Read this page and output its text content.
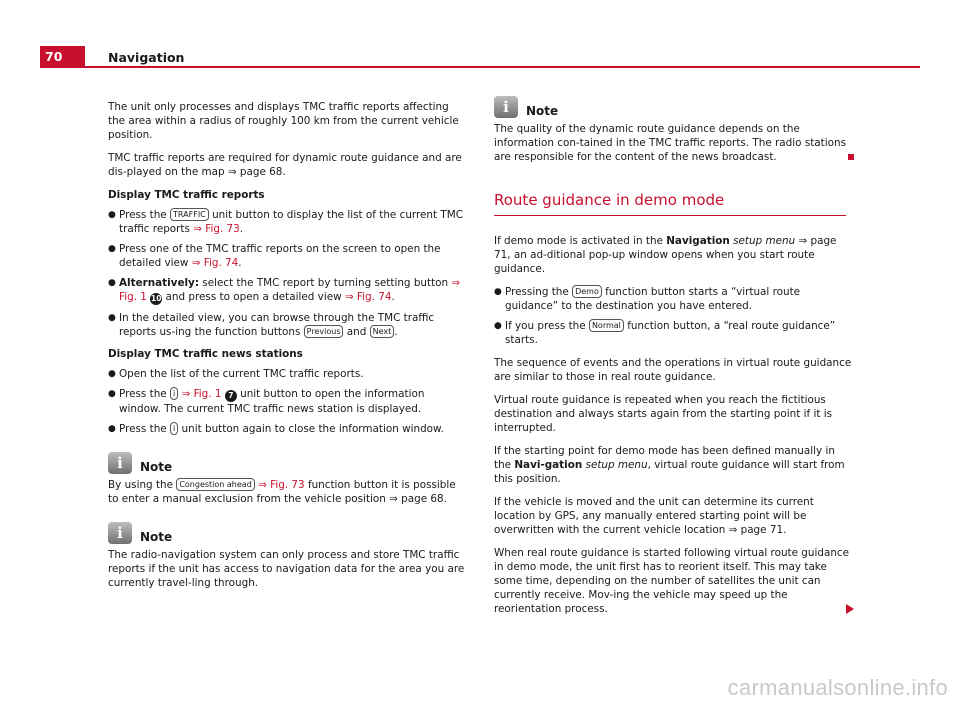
70	Navigation

The unit only processes and displays TMC traffic reports affecting the area within a radius of roughly 100 km from the current vehicle position.

TMC traffic reports are required for dynamic route guidance and are dis-played on the map ⇒ page 68.

Display TMC traffic reports

● Press the TRAFFIC unit button to display the list of the current TMC traffic reports ⇒ Fig. 73.
● Press one of the TMC traffic reports on the screen to open the detailed view ⇒ Fig. 74.
● Alternatively: select the TMC report by turning setting button ⇒ Fig. 1 10 and press to open a detailed view ⇒ Fig. 74.
● In the detailed view, you can browse through the TMC traffic reports us-ing the function buttons Previous and Next .

Display TMC traffic news stations

● Open the list of the current TMC traffic reports.
● Press the i ⇒ Fig. 1 7 unit button to open the information window. The current TMC traffic news station is displayed.
● Press the i unit button again to close the information window.
i	Note

By using the Congestion ahead ⇒ Fig. 73 function button it is possible to enter a manual exclusion from the vehicle position ⇒ page 68.

i	Note

The radio-navigation system can only process and store TMC traffic reports if the unit has access to navigation data for the area you are currently travel-ling through.

i	Note

The quality of the dynamic route guidance depends on the information con-tained in the TMC traffic reports. The radio stations are responsible for the content of the news broadcast.

Route guidance in demo mode

If demo mode is activated in the Navigation setup menu ⇒ page 71, an ad-ditional pop-up window opens when you start route guidance.

● Pressing the Demo function button starts a “virtual route guidance” to the destination you have entered.
● If you press the Normal function button, a “real route guidance” starts.

The sequence of events and the operations in virtual route guidance are similar to those in real route guidance.

Virtual route guidance is repeated when you reach the fictitious destination and always starts again from the starting point if it is interrupted.

If the starting point for demo mode has been defined manually in the Navi-gation setup menu, virtual route guidance will start from this position.

If the vehicle is moved and the unit can determine its current location by GPS, any manually entered starting point will be overwritten with the current vehicle location ⇒ page 71.

When real route guidance is started following virtual route guidance in demo mode, the unit first has to reorient itself. This may take some time, depending on the number of satellites the unit can currently receive. Mov-ing the vehicle may speed up the reorientation process.

carmanualsonline.info
